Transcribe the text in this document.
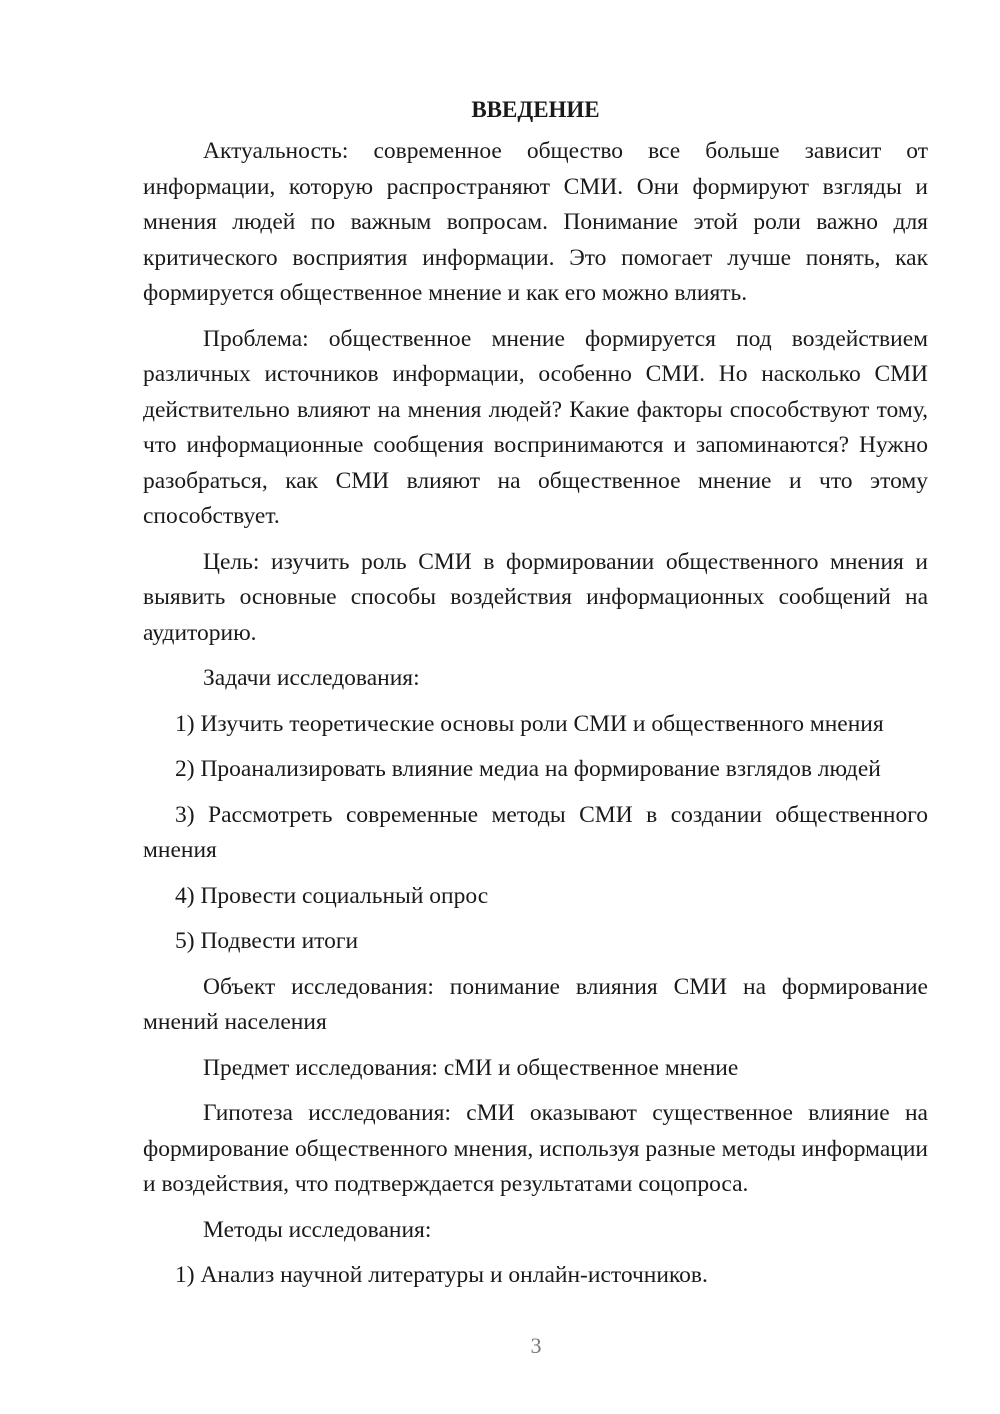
ВВЕДЕНИЕ

Актуальность: современное общество все больше зависит от информации, которую распространяют СМИ. Они формируют взгляды и мнения людей по важным вопросам. Понимание этой роли важно для критического восприятия информации. Это помогает лучше понять, как формируется общественное мнение и как его можно влиять.

Проблема: общественное мнение формируется под воздействием различных источников информации, особенно СМИ. Но насколько СМИ действительно влияют на мнения людей? Какие факторы способствуют тому, что информационные сообщения воспринимаются и запоминаются? Нужно разобраться, как СМИ влияют на общественное мнение и что этому способствует.

Цель: изучить роль СМИ в формировании общественного мнения и выявить основные способы воздействия информационных сообщений на аудиторию.

Задачи исследования:

1) Изучить теоретические основы роли СМИ и общественного мнения

2) Проанализировать влияние медиа на формирование взглядов людей

3) Рассмотреть современные методы СМИ в создании общественного мнения

4) Провести социальный опрос

5) Подвести итоги

Объект исследования: понимание влияния СМИ на формирование мнений населения

Предмет исследования: сМИ и общественное мнение

Гипотеза исследования: сМИ оказывают существенное влияние на формирование общественного мнения, используя разные методы информации и воздействия, что подтверждается результатами соцопроса.

Методы исследования:

1) Анализ научной литературы и онлайн-источников.

3
